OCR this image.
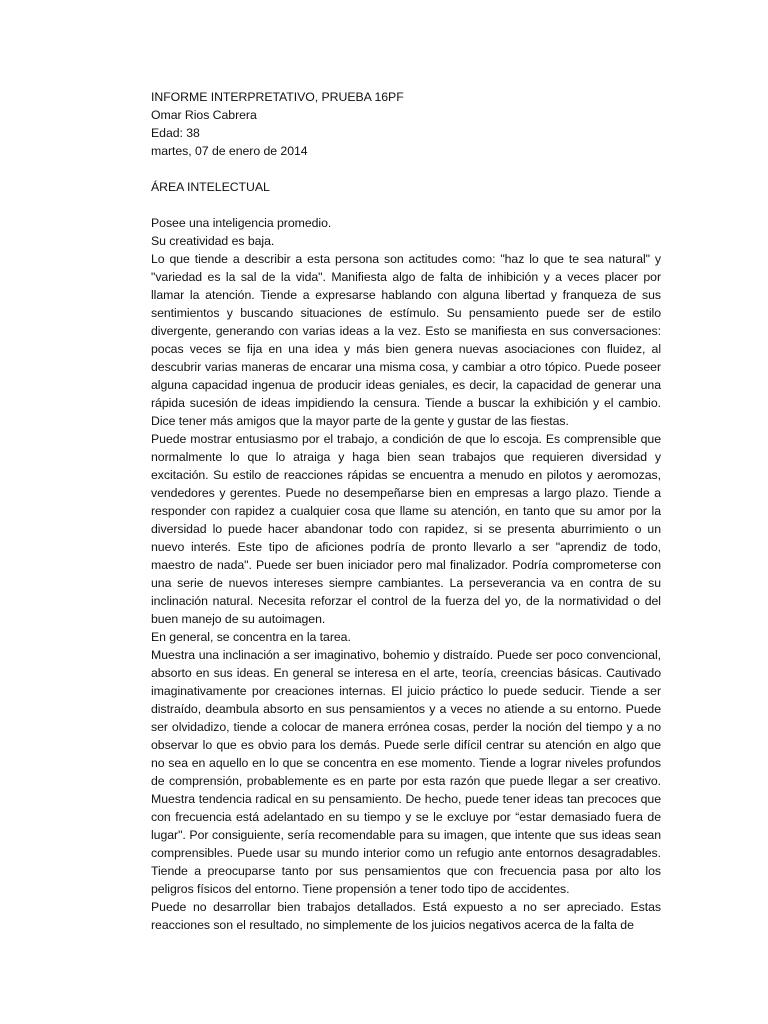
INFORME INTERPRETATIVO, PRUEBA 16PF
Omar Rios Cabrera
Edad: 38
martes, 07 de enero de 2014
ÁREA INTELECTUAL
Posee una inteligencia promedio.
Su creatividad es baja.
Lo que tiende a describir a esta persona son actitudes como: "haz lo que te sea natural" y "variedad es la sal de la vida". Manifiesta algo de falta de inhibición y a veces placer por llamar la atención. Tiende a expresarse hablando con alguna libertad y franqueza de sus sentimientos y buscando situaciones de estímulo. Su pensamiento puede ser de estilo divergente, generando con varias ideas a la vez. Esto se manifiesta en sus conversaciones: pocas veces se fija en una idea y más bien genera nuevas asociaciones con fluidez, al descubrir varias maneras de encarar una misma cosa, y cambiar a otro tópico. Puede poseer alguna capacidad ingenua de producir ideas geniales, es decir, la capacidad de generar una rápida sucesión de ideas impidiendo la censura. Tiende a buscar la exhibición y el cambio. Dice tener más amigos que la mayor parte de la gente y gustar de las fiestas.
Puede mostrar entusiasmo por el trabajo, a condición de que lo escoja. Es comprensible que normalmente lo que lo atraiga y haga bien sean trabajos que requieren diversidad y excitación. Su estilo de reacciones rápidas se encuentra a menudo en pilotos y aeromozas, vendedores y gerentes. Puede no desempeñarse bien en empresas a largo plazo. Tiende a responder con rapidez a cualquier cosa que llame su atención, en tanto que su amor por la diversidad lo puede hacer abandonar todo con rapidez, si se presenta aburrimiento o un nuevo interés. Este tipo de aficiones podría de pronto llevarlo a ser "aprendiz de todo, maestro de nada". Puede ser buen iniciador pero mal finalizador. Podría comprometerse con una serie de nuevos intereses siempre cambiantes. La perseverancia va en contra de su inclinación natural. Necesita reforzar el control de la fuerza del yo, de la normatividad o del buen manejo de su autoimagen.
En general, se concentra en la tarea.
Muestra una inclinación a ser imaginativo, bohemio y distraído. Puede ser poco convencional, absorto en sus ideas. En general se interesa en el arte, teoría, creencias básicas. Cautivado imaginativamente por creaciones internas. El juicio práctico lo puede seducir. Tiende a ser distraído, deambula absorto en sus pensamientos y a veces no atiende a su entorno. Puede ser olvidadizo, tiende a colocar de manera errónea cosas, perder la noción del tiempo y a no observar lo que es obvio para los demás. Puede serle difícil centrar su atención en algo que no sea en aquello en lo que se concentra en ese momento. Tiende a lograr niveles profundos de comprensión, probablemente es en parte por esta razón que puede llegar a ser creativo. Muestra tendencia radical en su pensamiento. De hecho, puede tener ideas tan precoces que con frecuencia está adelantado en su tiempo y se le excluye por “estar demasiado fuera de lugar". Por consiguiente, sería recomendable para su imagen, que intente que sus ideas sean comprensibles. Puede usar su mundo interior como un refugio ante entornos desagradables. Tiende a preocuparse tanto por sus pensamientos que con frecuencia pasa por alto los peligros físicos del entorno. Tiene propensión a tener todo tipo de accidentes.
Puede no desarrollar bien trabajos detallados. Está expuesto a no ser apreciado. Estas reacciones son el resultado, no simplemente de los juicios negativos acerca de la falta de
